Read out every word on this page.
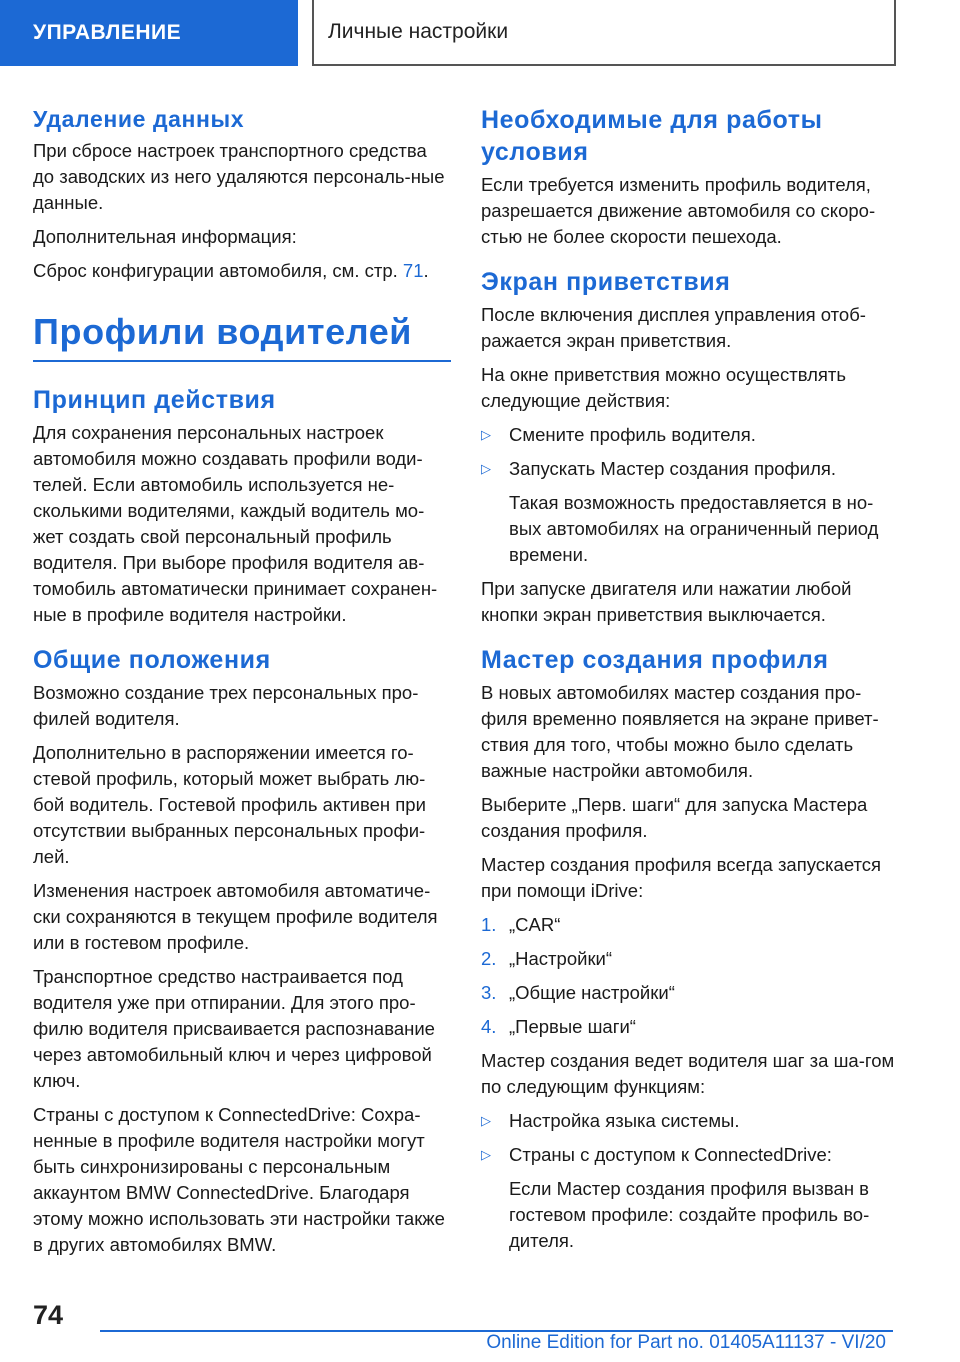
УПРАВЛЕНИЕ	Личные настройки
Удаление данных

При сбросе настроек транспортного средства до заводских из него удаляются персональ-ные данные.

Дополнительная информация:

Сброс конфигурации автомобиля, см. стр. 71.

Профили водителей
Принцип действия

Для сохранения персональных настроек автомобиля можно создавать профили води-телей. Если автомобиль используется не-сколькими водителями, каждый водитель мо-жет создать свой персональный профиль водителя. При выборе профиля водителя ав-томобиль автоматически принимает сохранен-ные в профиле водителя настройки.

Общие положения

Возможно создание трех персональных про-филей водителя.

Дополнительно в распоряжении имеется го-стевой профиль, который может выбрать лю-бой водитель. Гостевой профиль активен при отсутствии выбранных персональных профи-лей.

Изменения настроек автомобиля автоматиче-ски сохраняются в текущем профиле водителя или в гостевом профиле.

Транспортное средство настраивается под водителя уже при отпирании. Для этого про-филю водителя присваивается распознавание через автомобильный ключ и через цифровой ключ.

Страны с доступом к ConnectedDrive: Сохра-ненные в профиле водителя настройки могут быть синхронизированы с персональным аккаунтом BMW ConnectedDrive. Благодаря этому можно использовать эти настройки также в других автомобилях BMW.

Необходимые для работы условия

Если требуется изменить профиль водителя, разрешается движение автомобиля со скоро-стью не более скорости пешехода.

Экран приветствия

После включения дисплея управления отоб-ражается экран приветствия.

На окне приветствия можно осуществлять следующие действия:

▷ Смените профиль водителя.
▷ Запускать Мастер создания профиля.

Такая возможность предоставляется в но-вых автомобилях на ограниченный период времени.

При запуске двигателя или нажатии любой кнопки экран приветствия выключается.

Мастер создания профиля

В новых автомобилях мастер создания про-филя временно появляется на экране привет-ствия для того, чтобы можно было сделать важные настройки автомобиля.

Выберите „Перв. шаги“ для запуска Мастера создания профиля.

Мастер создания профиля всегда запускается при помощи iDrive:

1. „CAR“
2. „Настройки“
3. „Общие настройки“
4. „Первые шаги“

Мастер создания ведет водителя шаг за ша-гом по следующим функциям:

▷ Настройка языка системы.
▷ Страны с доступом к ConnectedDrive:

Если Мастер создания профиля вызван в гостевом профиле: создайте профиль во-дителя.

74
Online Edition for Part no. 01405A11137 - VI/20
